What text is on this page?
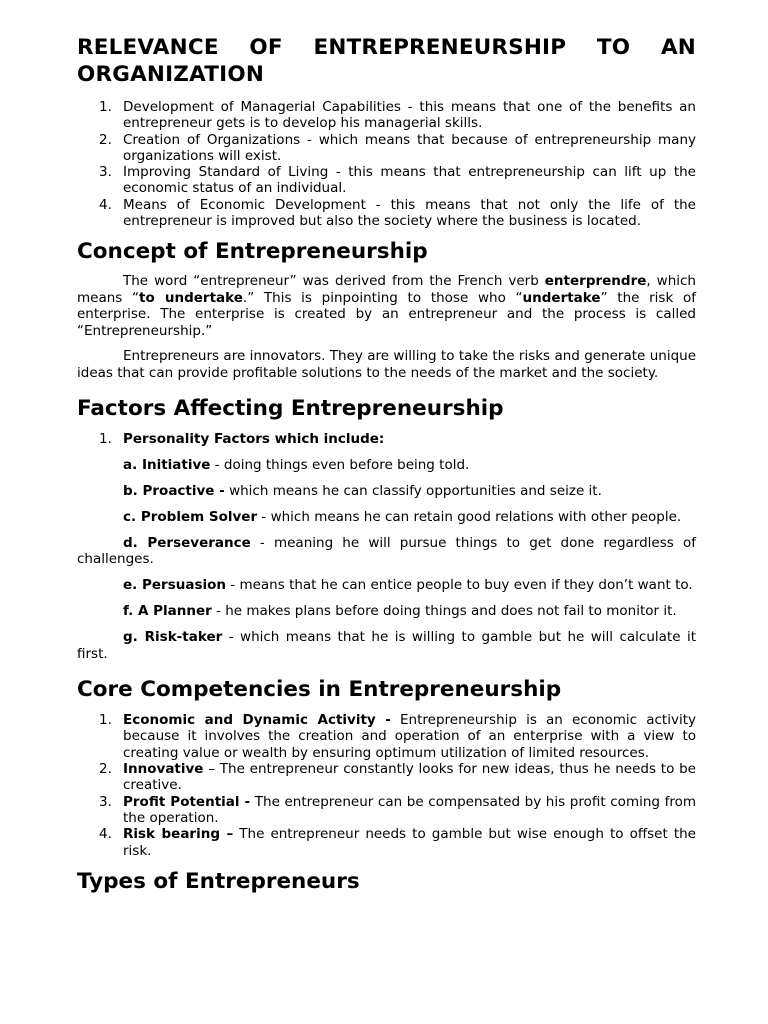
RELEVANCE OF ENTREPRENEURSHIP TO AN ORGANIZATION
1. Development of Managerial Capabilities - this means that one of the benefits an entrepreneur gets is to develop his managerial skills.
2. Creation of Organizations - which means that because of entrepreneurship many organizations will exist.
3. Improving Standard of Living - this means that entrepreneurship can lift up the economic status of an individual.
4. Means of Economic Development - this means that not only the life of the entrepreneur is improved but also the society where the business is located.
Concept of Entrepreneurship
The word “entrepreneur” was derived from the French verb enterprendre, which means “to undertake.” This is pinpointing to those who “undertake” the risk of enterprise. The enterprise is created by an entrepreneur and the process is called “Entrepreneurship.”
Entrepreneurs are innovators. They are willing to take the risks and generate unique ideas that can provide profitable solutions to the needs of the market and the society.
Factors Affecting Entrepreneurship
1. Personality Factors which include:
a. Initiative - doing things even before being told.
b. Proactive - which means he can classify opportunities and seize it.
c. Problem Solver - which means he can retain good relations with other people.
d. Perseverance - meaning he will pursue things to get done regardless of challenges.
e. Persuasion - means that he can entice people to buy even if they don’t want to.
f. A Planner - he makes plans before doing things and does not fail to monitor it.
g. Risk-taker - which means that he is willing to gamble but he will calculate it first.
Core Competencies in Entrepreneurship
1. Economic and Dynamic Activity - Entrepreneurship is an economic activity because it involves the creation and operation of an enterprise with a view to creating value or wealth by ensuring optimum utilization of limited resources.
2. Innovative – The entrepreneur constantly looks for new ideas, thus he needs to be creative.
3. Profit Potential - The entrepreneur can be compensated by his profit coming from the operation.
4. Risk bearing – The entrepreneur needs to gamble but wise enough to offset the risk.
Types of Entrepreneurs
